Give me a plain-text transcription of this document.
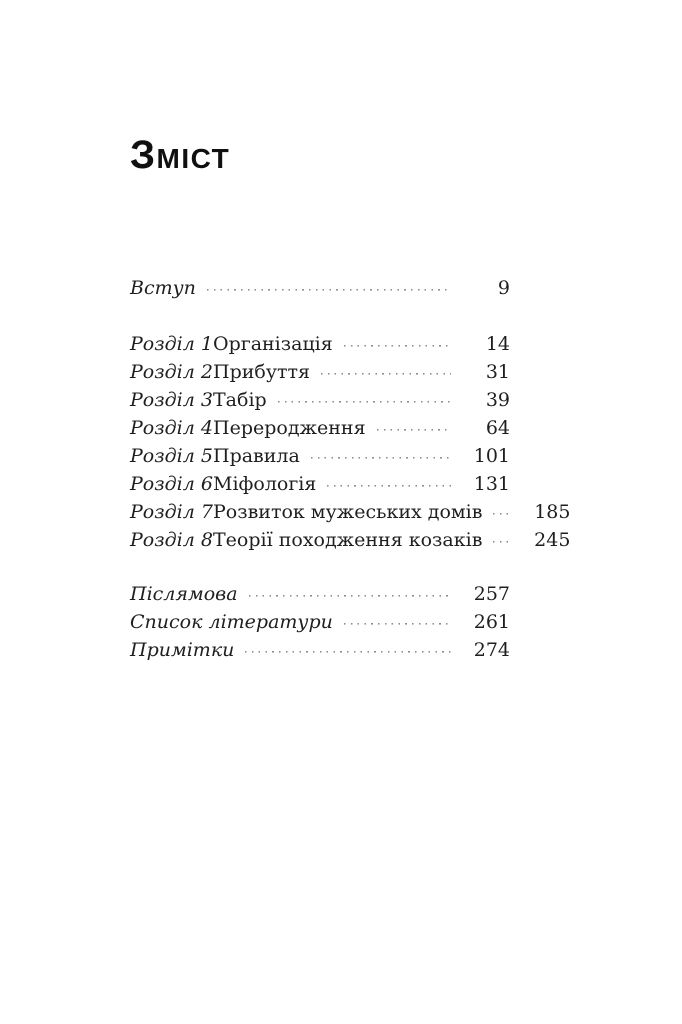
Зміст
Вступ	9
Розділ 1 Організація	14
Розділ 2 Прибуття	31
Розділ 3 Табір	39
Розділ 4 Переродження	64
Розділ 5 Правила	101
Розділ 6 Міфологія	131
Розділ 7 Розвиток мужеських домів	185
Розділ 8 Теорії походження козаків	245
Післямова	257
Список літератури	261
Примітки	274
